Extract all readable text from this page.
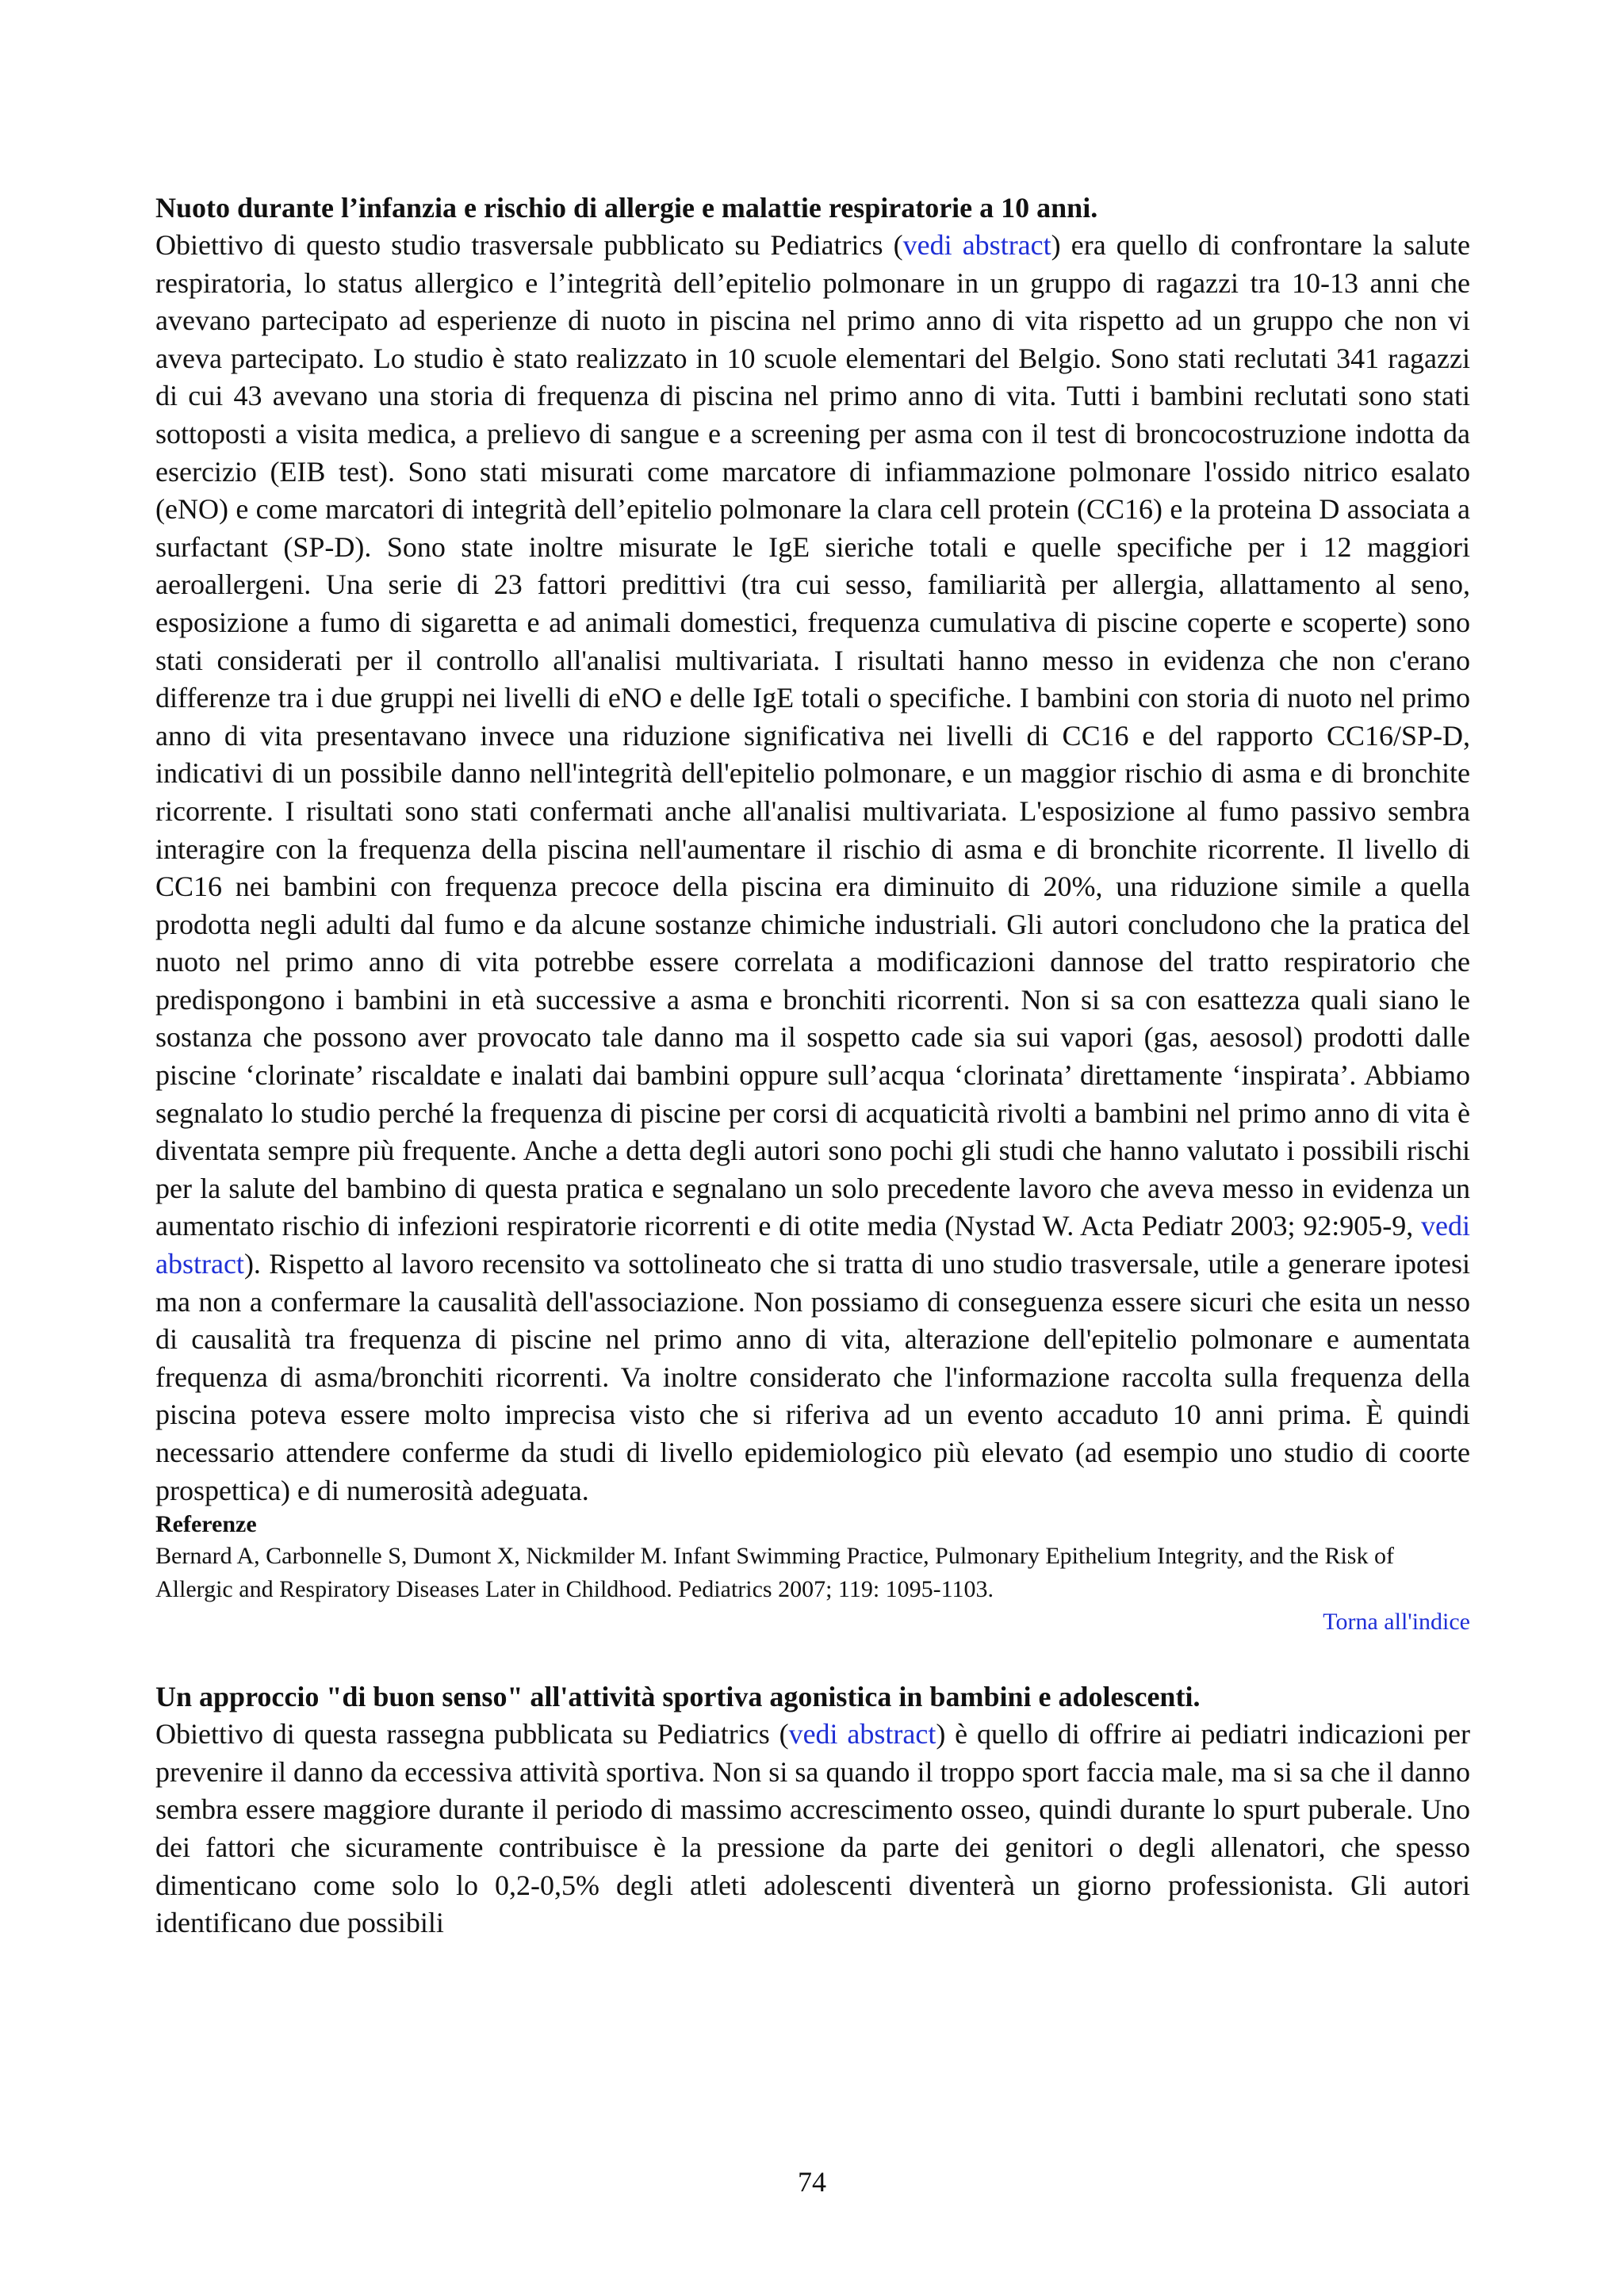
Nuoto durante l’infanzia e rischio di allergie e malattie respiratorie a 10 anni.

Obiettivo di questo studio trasversale pubblicato su Pediatrics (vedi abstract) era quello di confrontare la salute respiratoria, lo status allergico e l’integrità dell’epitelio polmonare in un gruppo di ragazzi tra 10-13 anni che avevano partecipato ad esperienze di nuoto in piscina nel primo anno di vita rispetto ad un gruppo che non vi aveva partecipato. Lo studio è stato realizzato in 10 scuole elementari del Belgio. Sono stati reclutati 341 ragazzi di cui 43 avevano una storia di frequenza di piscina nel primo anno di vita. Tutti i bambini reclutati sono stati sottoposti a visita medica, a prelievo di sangue e a screening per asma con il test di broncocostruzione indotta da esercizio (EIB test). Sono stati misurati come marcatore di infiammazione polmonare l'ossido nitrico esalato (eNO) e come marcatori di integrità dell’epitelio polmonare la clara cell protein (CC16) e la proteina D associata a surfactant (SP-D). Sono state inoltre misurate le IgE sieriche totali e quelle specifiche per i 12 maggiori aeroallergeni. Una serie di 23 fattori predittivi (tra cui sesso, familiarità per allergia, allattamento al seno, esposizione a fumo di sigaretta e ad animali domestici, frequenza cumulativa di piscine coperte e scoperte) sono stati considerati per il controllo all'analisi multivariata. I risultati hanno messo in evidenza che non c'erano differenze tra i due gruppi nei livelli di eNO e delle IgE totali o specifiche. I bambini con storia di nuoto nel primo anno di vita presentavano invece una riduzione significativa nei livelli di CC16 e del rapporto CC16/SP-D, indicativi di un possibile danno nell'integrità dell'epitelio polmonare, e un maggior rischio di asma e di bronchite ricorrente. I risultati sono stati confermati anche all'analisi multivariata. L'esposizione al fumo passivo sembra interagire con la frequenza della piscina nell'aumentare il rischio di asma e di bronchite ricorrente. Il livello di CC16 nei bambini con frequenza precoce della piscina era diminuito di 20%, una riduzione simile a quella prodotta negli adulti dal fumo e da alcune sostanze chimiche industriali. Gli autori concludono che la pratica del nuoto nel primo anno di vita potrebbe essere correlata a modificazioni dannose del tratto respiratorio che predispongono i bambini in età successive a asma e bronchiti ricorrenti. Non si sa con esattezza quali siano le sostanza che possono aver provocato tale danno ma il sospetto cade sia sui vapori (gas, aesosol) prodotti dalle piscine ‘clorinate’ riscaldate e inalati dai bambini oppure sull’acqua ‘clorinata’ direttamente ‘inspirata’. Abbiamo segnalato lo studio perché la frequenza di piscine per corsi di acquaticità rivolti a bambini nel primo anno di vita è diventata sempre più frequente. Anche a detta degli autori sono pochi gli studi che hanno valutato i possibili rischi per la salute del bambino di questa pratica e segnalano un solo precedente lavoro che aveva messo in evidenza un aumentato rischio di infezioni respiratorie ricorrenti e di otite media (Nystad W. Acta Pediatr 2003; 92:905-9, vedi abstract). Rispetto al lavoro recensito va sottolineato che si tratta di uno studio trasversale, utile a generare ipotesi ma non a confermare la causalità dell'associazione. Non possiamo di conseguenza essere sicuri che esita un nesso di causalità tra frequenza di piscine nel primo anno di vita, alterazione dell'epitelio polmonare e aumentata frequenza di asma/bronchiti ricorrenti. Va inoltre considerato che l'informazione raccolta sulla frequenza della piscina poteva essere molto imprecisa visto che si riferiva ad un evento accaduto 10 anni prima. È quindi necessario attendere conferme da studi di livello epidemiologico più elevato (ad esempio uno studio di coorte prospettica) e di numerosità adeguata.

Referenze

Bernard A, Carbonnelle S, Dumont X, Nickmilder M. Infant Swimming Practice, Pulmonary Epithelium Integrity, and the Risk of Allergic and Respiratory Diseases Later in Childhood. Pediatrics 2007; 119: 1095-1103.

Torna all'indice

Un approccio "di buon senso" all'attività sportiva agonistica in bambini e adolescenti.

Obiettivo di questa rassegna pubblicata su Pediatrics (vedi abstract) è quello di offrire ai pediatri indicazioni per prevenire il danno da eccessiva attività sportiva. Non si sa quando il troppo sport faccia male, ma si sa che il danno sembra essere maggiore durante il periodo di massimo accrescimento osseo, quindi durante lo spurt puberale. Uno dei fattori che sicuramente contribuisce è la pressione da parte dei genitori o degli allenatori, che spesso dimenticano come solo lo 0,2-0,5% degli atleti adolescenti diventerà un giorno professionista. Gli autori identificano due possibili

74
